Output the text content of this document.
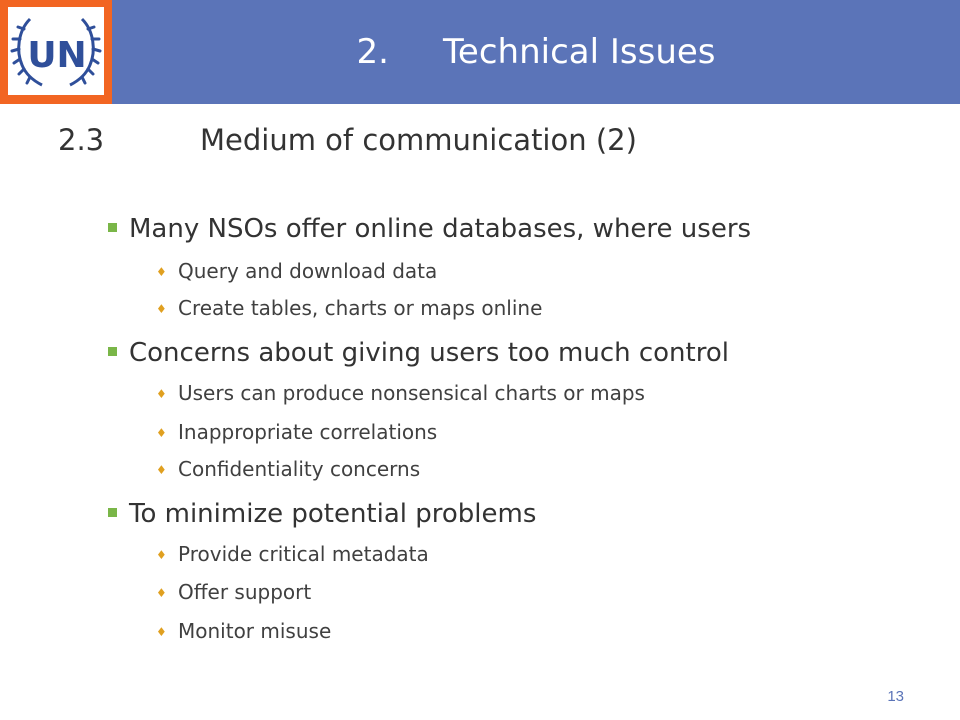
UN	2. Technical Issues
2.3	Medium of communication (2)
Many NSOs offer online databases, where users
♦ Query and download data
♦ Create tables, charts or maps online
Concerns about giving users too much control
♦ Users can produce nonsensical charts or maps
♦ Inappropriate correlations
♦ Confidentiality concerns
To minimize potential problems
♦ Provide critical metadata
♦ Offer support
♦ Monitor misuse
13
